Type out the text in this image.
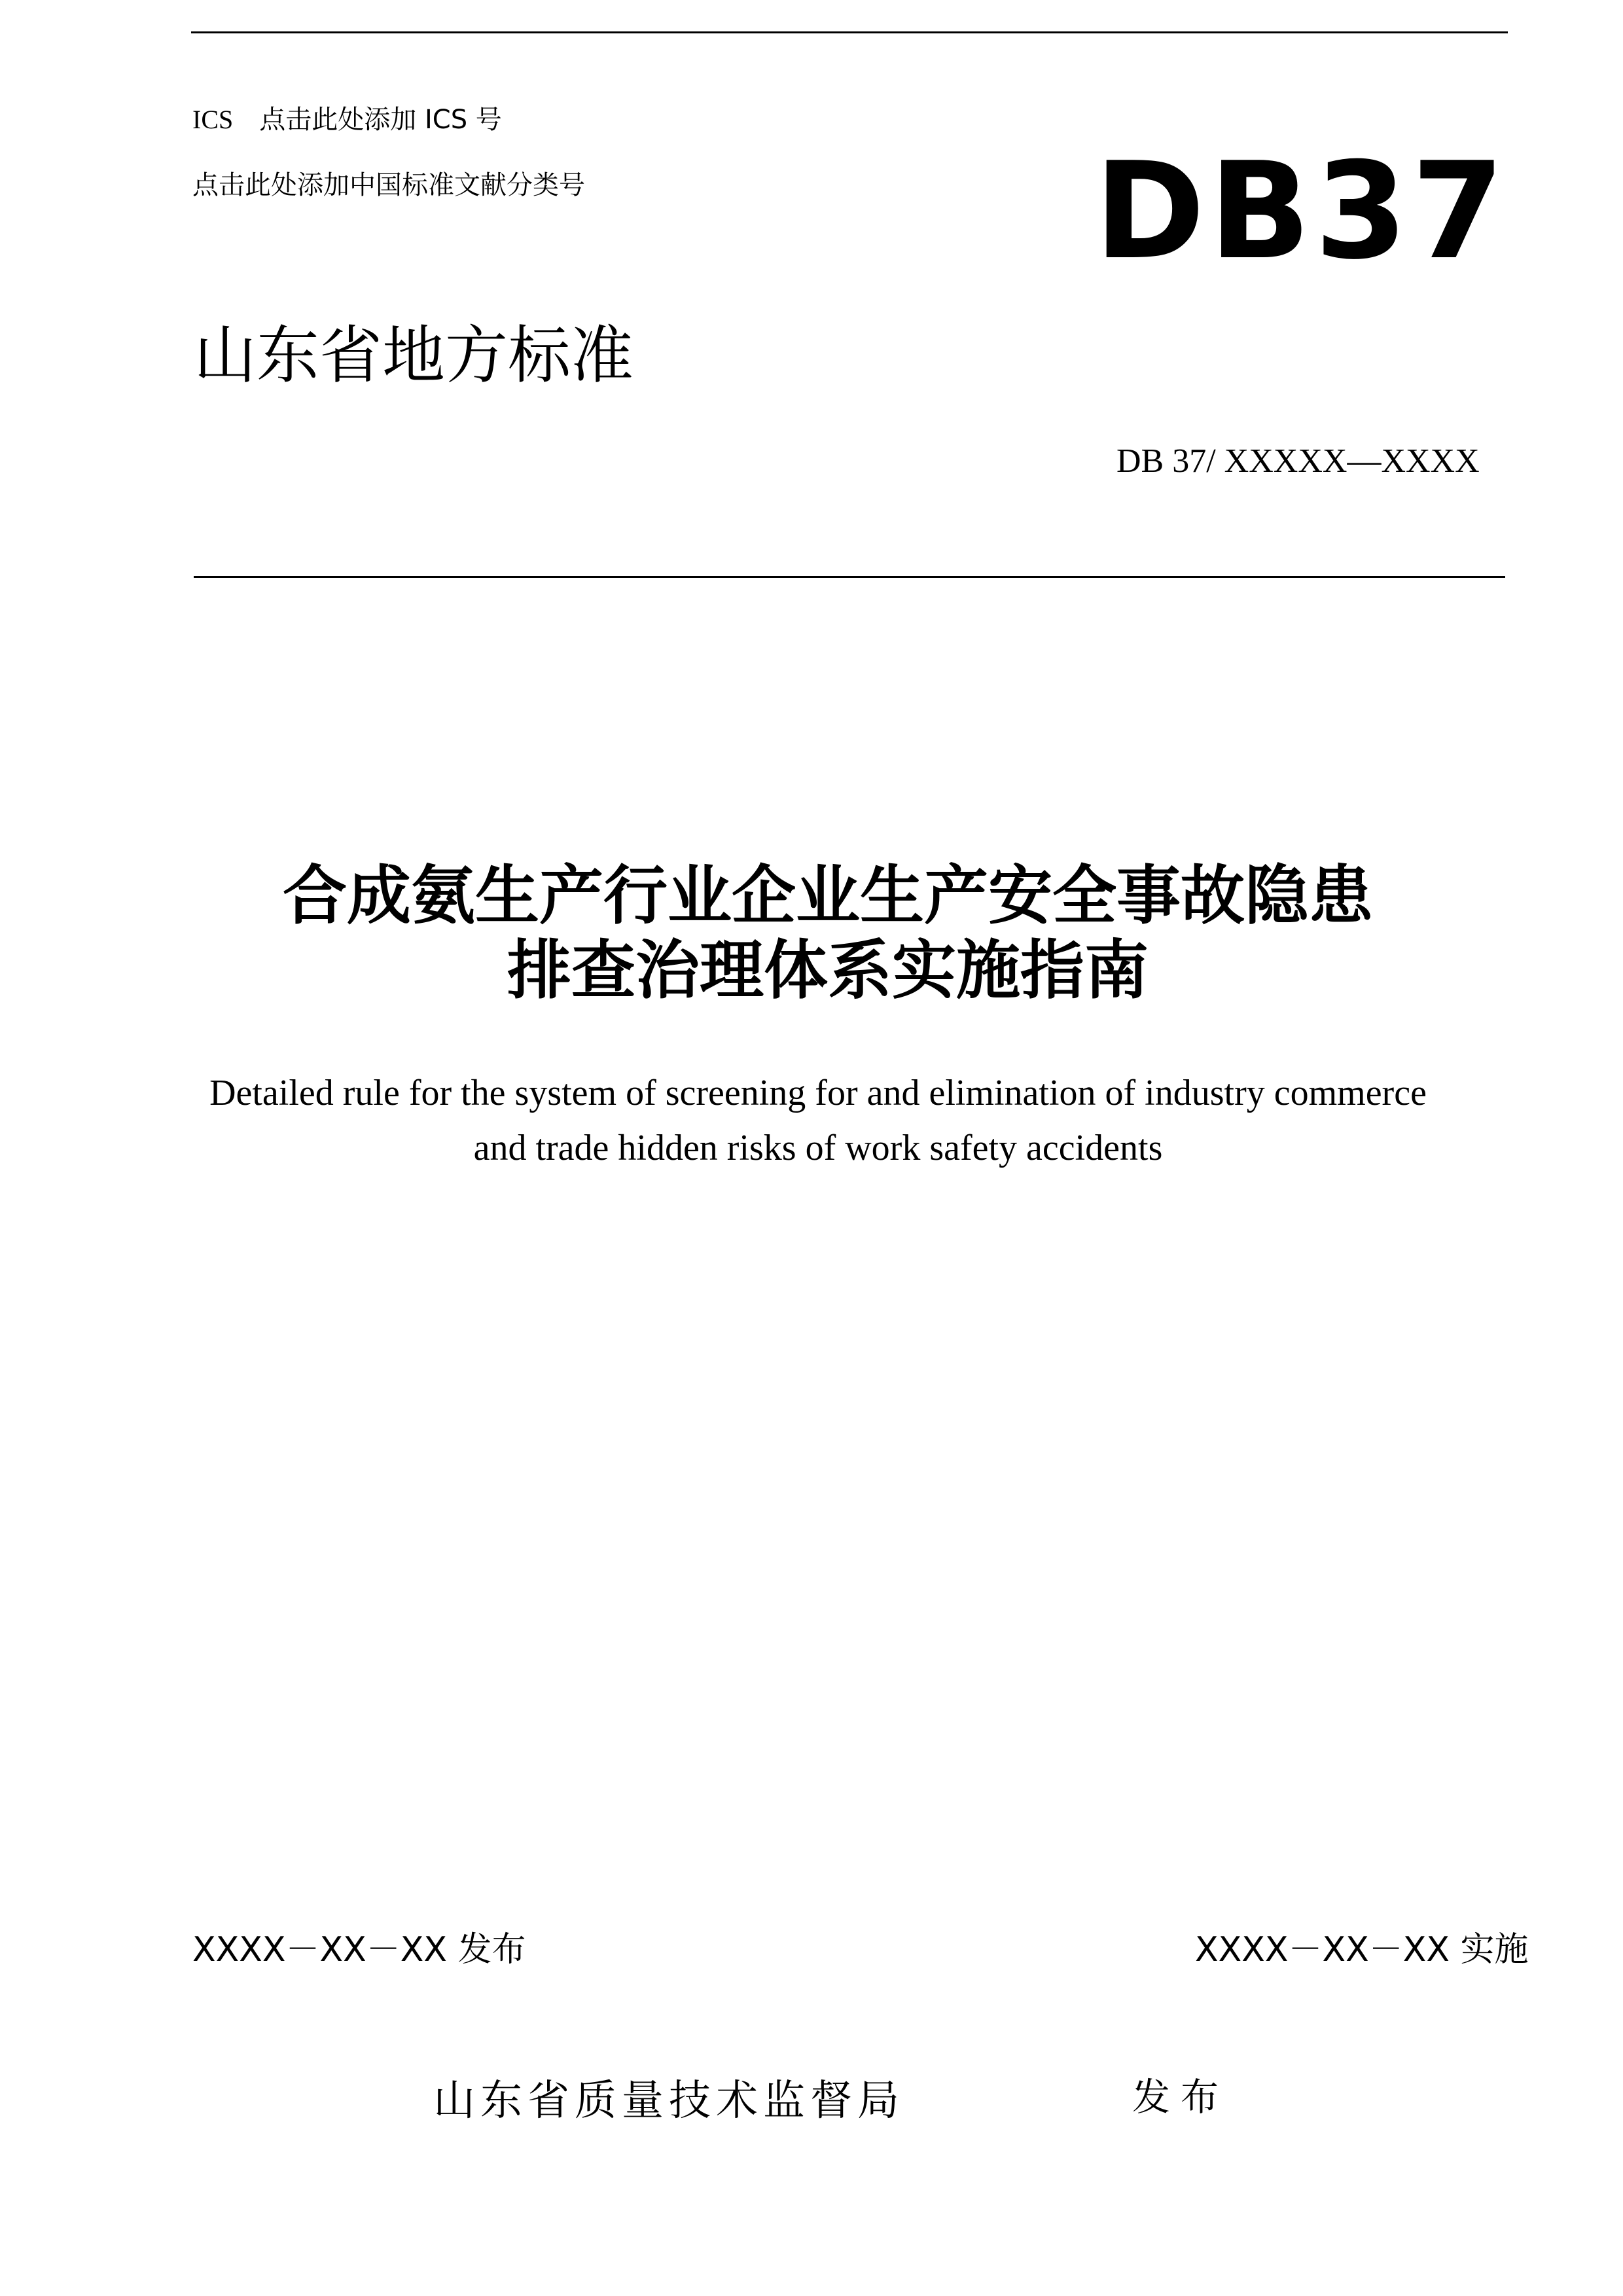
ICS 点击此处添加 ICS 号
点击此处添加中国标准文献分类号	DB37
山东省地方标准
DB 37/ XXXXX—XXXX
合成氨生产行业企业生产安全事故隐患
排查治理体系实施指南
Detailed rule for the system of screening for and elimination of industry commerce
and trade hidden risks of work safety accidents
XXXX－XX－XX 发布	XXXX－XX－XX 实施
山东省质量技术监督局	发布
